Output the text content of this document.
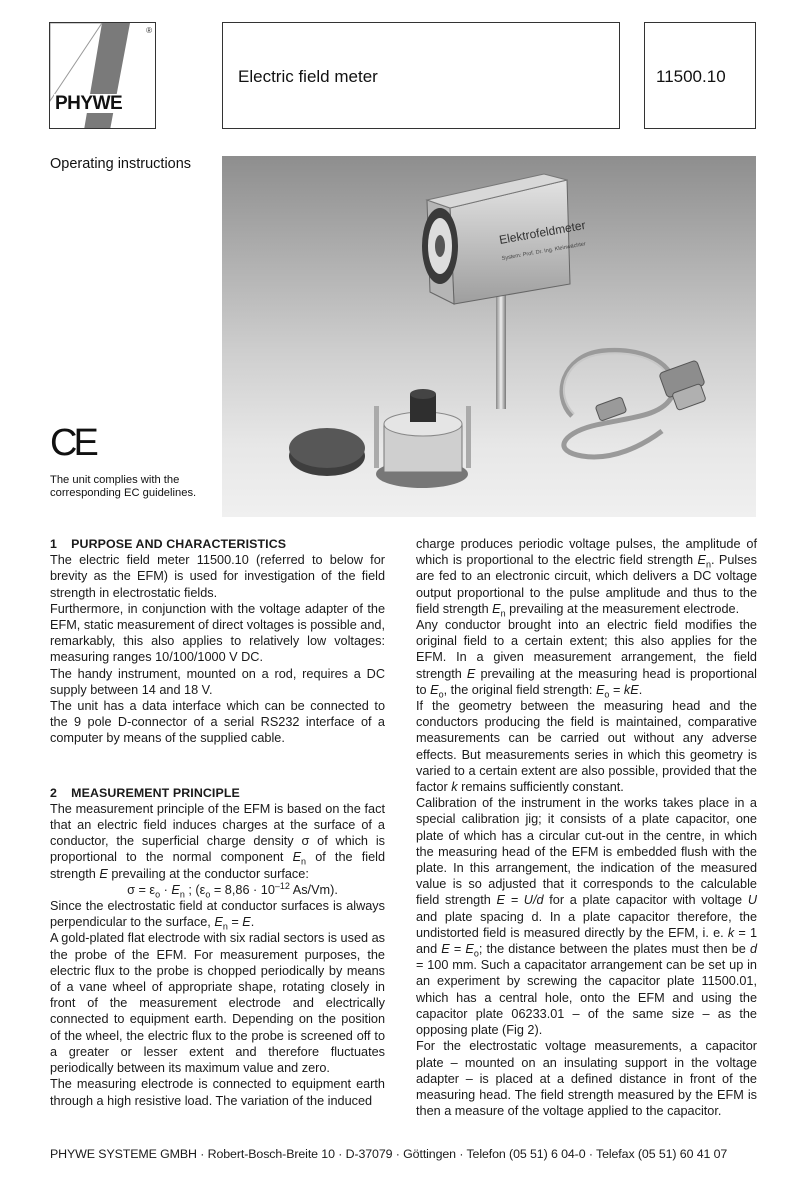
®
PHYWE
Electric field meter	11500.10
Operating instructions
Elektrofeldmeter
System: Prof. Dr. Ing. Kleinwächter
CE
The unit complies with the corresponding EC guidelines.

1    PURPOSE AND CHARACTERISTICS

The electric field meter 11500.10 (referred to below for brevity as the EFM) is used for investigation of the field strength in electrostatic fields.

Furthermore, in conjunction with the voltage adapter of the EFM, static measurement of direct voltages is possible and, remarkably, this also applies to relatively low voltages: measuring ranges 10/100/1000 V DC.

The handy instrument, mounted on a rod, requires a DC supply between 14 and 18 V.

The unit has a data interface which can be connected to the 9 pole D-connector of a serial RS232 interface of a computer by means of the supplied cable.

2    MEASUREMENT PRINCIPLE

The measurement principle of the EFM is based on the fact that an electric field induces charges at the surface of a conductor, the superficial charge density σ of which is proportional to the normal component $E_n$ of the field strength E prevailing at the conductor surface:

$\sigma = \varepsilon_o \cdot E_n$ ; ($\varepsilon_o = 8,86 \cdot 10^{-12}$ As/Vm).

Since the electrostatic field at conductor surfaces is always perpendicular to the surface, $E_n = E$.

A gold-plated flat electrode with six radial sectors is used as the probe of the EFM. For measurement purposes, the electric flux to the probe is chopped periodically by means of a vane wheel of appropriate shape, rotating closely in front of the measurement electrode and electrically connected to equipment earth. Depending on the position of the wheel, the electric flux to the probe is screened off to a greater or lesser extent and therefore fluctuates periodically between its maximum value and zero.

The measuring electrode is connected to equipment earth through a high resistive load. The variation of the induced

charge produces periodic voltage pulses, the amplitude of which is proportional to the electric field strength $E_n$. Pulses are fed to an electronic circuit, which delivers a DC voltage output proportional to the pulse amplitude and thus to the field strength $E_n$ prevailing at the measurement electrode.

Any conductor brought into an electric field modifies the original field to a certain extent; this also applies for the EFM. In a given measurement arrangement, the field strength E prevailing at the measuring head is proportional to $E_o$, the original field strength: $E_o$ = kE.

If the geometry between the measuring head and the conductors producing the field is maintained, comparative measurements can be carried out without any adverse effects. But measurements series in which this geometry is varied to a certain extent are also possible, provided that the factor k remains sufficiently constant.

Calibration of the instrument in the works takes place in a special calibration jig; it consists of a plate capacitor, one plate of which has a circular cut-out in the centre, in which the measuring head of the EFM is embedded flush with the plate. In this arrangement, the indication of the measured value is so adjusted that it corresponds to the calculable field strength E = U/d for a plate capacitor with voltage U and plate spacing d. In a plate capacitor therefore, the undistorted field is measured directly by the EFM, i. e. k = 1 and $E = E_o$; the distance between the plates must then be d = 100 mm. Such a capacitator arrangement can be set up in an experiment by screwing the capacitor plate 11500.01, which has a central hole, onto the EFM and using the capacitor plate 06233.01 – of the same size – as the opposing plate (Fig 2).

For the electrostatic voltage measurements, a capacitor plate – mounted on an insulating support in the voltage adapter – is placed at a defined distance in front of the measuring head. The field strength measured by the EFM is then a measure of the voltage applied to the capacitor.

PHYWE SYSTEME GMBH · Robert-Bosch-Breite 10 · D-37079 · Göttingen · Telefon (05 51) 6 04-0 · Telefax (05 51) 60 41 07
